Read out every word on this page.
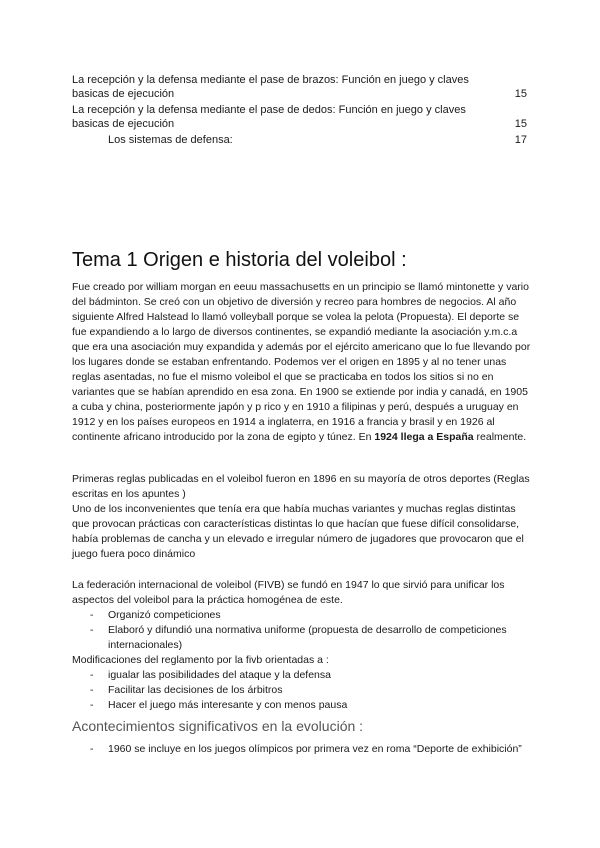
La recepción y la defensa mediante el pase de brazos: Función en juego y claves basicas de ejecución	15
La recepción y la defensa mediante el pase de dedos: Función en juego y claves basicas de ejecución	15
Los sistemas de defensa:	17
Tema 1 Origen e historia del voleibol :

Fue creado por william morgan en eeuu massachusetts en un principio se llamó mintonette y vario del bádminton. Se creó con un objetivo de diversión y recreo para hombres de negocios. Al año siguiente Alfred Halstead lo llamó volleyball porque se volea la pelota (Propuesta). El deporte se fue expandiendo a lo largo de diversos continentes, se expandió mediante la asociación y.m.c.a que era una asociación muy expandida y además por el ejército americano que lo fue llevando por los lugares donde se estaban enfrentando. Podemos ver el origen en 1895 y al no tener unas reglas asentadas, no fue el mismo voleibol el que se practicaba en todos los sitios si no en variantes que se habían aprendido en esa zona. En 1900 se extiende por india y canadá, en 1905 a cuba y china, posteriormente japón y p rico y en 1910 a filipinas y perú, después a uruguay en 1912 y en los países europeos en 1914 a inglaterra, en 1916 a francia y brasil y en 1926 al continente africano introducido por la zona de egipto y túnez. En 1924 llega a España realmente.

Primeras reglas publicadas en el voleibol fueron en 1896 en su mayoría de otros deportes (Reglas escritas en los apuntes )

Uno de los inconvenientes que tenía era que había muchas variantes y muchas reglas distintas que provocan prácticas con características distintas lo que hacían que fuese difícil consolidarse, había problemas de cancha y un elevado e irregular número de jugadores que provocaron que el juego fuera poco dinámico

La federación internacional de voleibol (FIVB) se fundó en 1947 lo que sirvió para unificar los aspectos del voleibol para la práctica homogénea de este.

- Organizó competiciones
- Elaboró y difundió una normativa uniforme (propuesta de desarrollo de competiciones internacionales)

Modificaciones del reglamento por la fivb orientadas a :

- igualar las posibilidades del ataque y la defensa
- Facilitar las decisiones de los árbitros
- Hacer el juego más interesante y con menos pausa
Acontecimientos significativos en la evolución :
- 1960 se incluye en los juegos olímpicos por primera vez en roma “Deporte de exhibición”
